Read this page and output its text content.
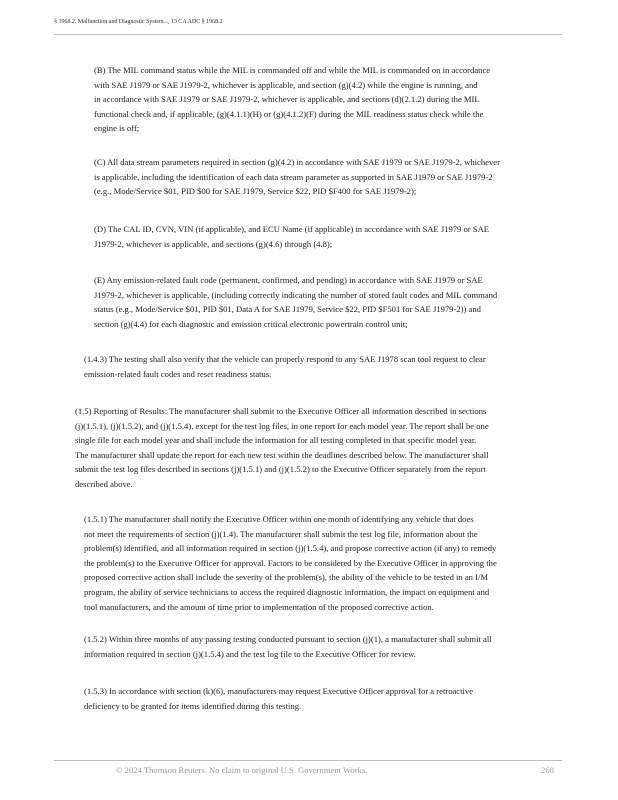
§ 1968.2. Malfunction and Diagnostic System..., 13 CA ADC § 1968.2
(B) The MIL command status while the MIL is commanded off and while the MIL is commanded on in accordance
with SAE J1979 or SAE J1979-2, whichever is applicable, and section (g)(4.2) while the engine is running, and
in accordance with SAE J1979 or SAE J1979-2, whichever is applicable, and sections (d)(2.1.2) during the MIL
functional check and, if applicable, (g)(4.1.1)(H) or (g)(4.1.2)(F) during the MIL readiness status check while the
engine is off;
(C) All data stream parameters required in section (g)(4.2) in accordance with SAE J1979 or SAE J1979-2, whichever
is applicable, including the identification of each data stream parameter as supported in SAE J1979 or SAE J1979-2
(e.g., Mode/Service $01, PID $00 for SAE J1979, Service $22, PID $F400 for SAE J1979-2);
(D) The CAL ID, CVN, VIN (if applicable), and ECU Name (if applicable) in accordance with SAE J1979 or SAE
J1979-2, whichever is applicable, and sections (g)(4.6) through (4.8);
(E) Any emission-related fault code (permanent, confirmed, and pending) in accordance with SAE J1979 or SAE
J1979-2, whichever is applicable, (including correctly indicating the number of stored fault codes and MIL command
status (e.g., Mode/Service $01, PID $01, Data A for SAE J1979, Service $22, PID $F501 for SAE J1979-2)) and
section (g)(4.4) for each diagnostic and emission critical electronic powertrain control unit;
(1.4.3) The testing shall also verify that the vehicle can properly respond to any SAE J1978 scan tool request to clear
emission-related fault codes and reset readiness status.
(1.5) Reporting of Results: The manufacturer shall submit to the Executive Officer all information described in sections
(j)(1.5.1), (j)(1.5.2), and (j)(1.5.4), except for the test log files, in one report for each model year. The report shall be one
single file for each model year and shall include the information for all testing completed in that specific model year.
The manufacturer shall update the report for each new test within the deadlines described below. The manufacturer shall
submit the test log files described in sections (j)(1.5.1) and (j)(1.5.2) to the Executive Officer separately from the report
described above.
(1.5.1) The manufacturer shall notify the Executive Officer within one month of identifying any vehicle that does
not meet the requirements of section (j)(1.4). The manufacturer shall submit the test log file, information about the
problem(s) identified, and all information required in section (j)(1.5.4), and propose corrective action (if any) to remedy
the problem(s) to the Executive Officer for approval. Factors to be considered by the Executive Officer in approving the
proposed corrective action shall include the severity of the problem(s), the ability of the vehicle to be tested in an I/M
program, the ability of service technicians to access the required diagnostic information, the impact on equipment and
tool manufacturers, and the amount of time prior to implementation of the proposed corrective action.
(1.5.2) Within three months of any passing testing conducted pursuant to section (j)(1), a manufacturer shall submit all
information required in section (j)(1.5.4) and the test log file to the Executive Officer for review.
(1.5.3) In accordance with section (k)(6), manufacturers may request Executive Officer approval for a retroactive
deficiency to be granted for items identified during this testing.
© 2024 Thomson Reuters. No claim to original U.S. Government Works.	268
